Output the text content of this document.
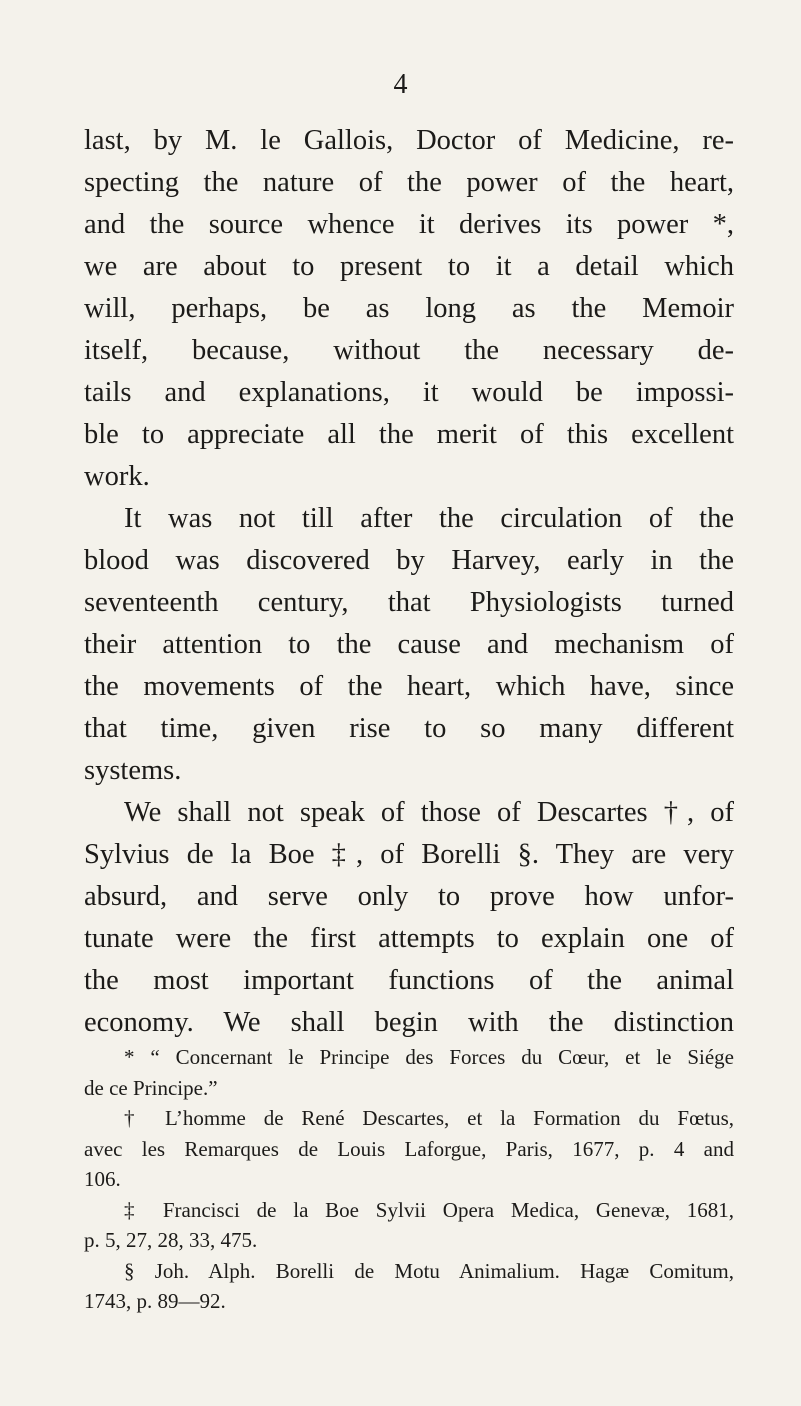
4
last, by M. le Gallois, Doctor of Medicine, re-
specting the nature of the power of the heart,
and the source whence it derives its power *,
we are about to present to it a detail which
will, perhaps, be as long as the Memoir
itself, because, without the necessary de-
tails and explanations, it would be impossi-
ble to appreciate all the merit of this excellent
work.
It was not till after the circulation of the
blood was discovered by Harvey, early in the
seventeenth century, that Physiologists turned
their attention to the cause and mechanism of
the movements of the heart, which have, since
that time, given rise to so many different
systems.
We shall not speak of those of Descartes †, of
Sylvius de la Boe ‡, of Borelli §. They are very
absurd, and serve only to prove how unfor-
tunate were the first attempts to explain one of
the most important functions of the animal
economy. We shall begin with the distinction
* “ Concernant le Principe des Forces du Cœur, et le Siége
de ce Principe.”
† L’homme de René Descartes, et la Formation du Fœtus,
avec les Remarques de Louis Laforgue, Paris, 1677, p. 4 and
106.
‡ Francisci de la Boe Sylvii Opera Medica, Genevæ, 1681,
p. 5, 27, 28, 33, 475.
§ Joh. Alph. Borelli de Motu Animalium. Hagæ Comitum,
1743, p. 89—92.
